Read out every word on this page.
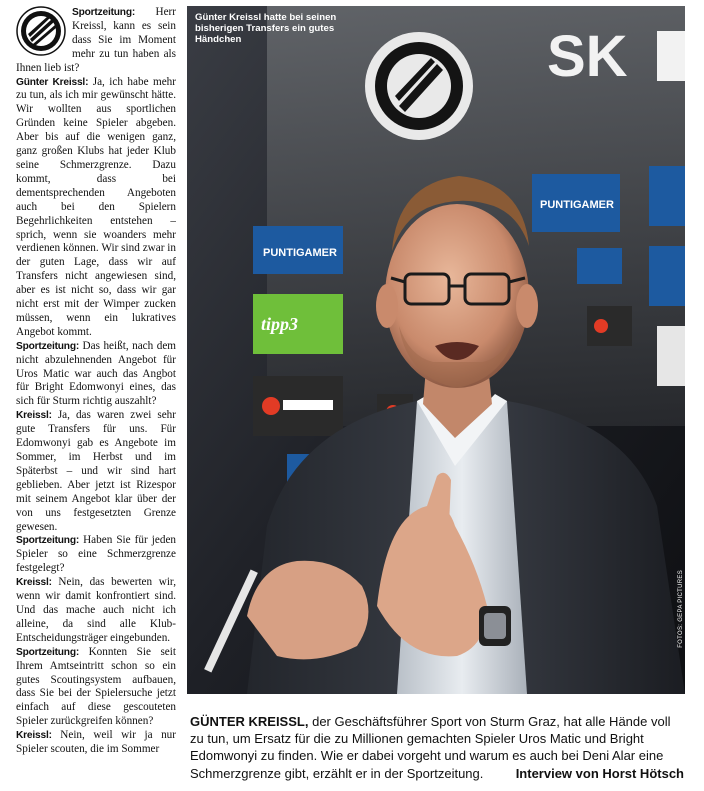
Sportzeitung: Herr Kreissl, kann es sein dass Sie im Moment mehr zu tun haben als Ihnen lieb ist?

Günter Kreissl: Ja, ich habe mehr zu tun, als ich mir gewünscht hätte. Wir wollten aus sportlichen Gründen keine Spieler abgeben. Aber bis auf die wenigen ganz, ganz großen Klubs hat jeder Klub seine Schmerzgrenze. Dazu kommt, dass bei dementsprechenden Angeboten auch bei den Spielern Begehrlichkeiten entstehen – sprich, wenn sie woanders mehr verdienen können. Wir sind zwar in der guten Lage, dass wir auf Transfers nicht angewiesen sind, aber es ist nicht so, dass wir gar nicht erst mit der Wimper zucken müssen, wenn ein lukratives Angebot kommt.

Sportzeitung: Das heißt, nach dem nicht abzulehnenden Angebot für Uros Matic war auch das Angbot für Bright Edomwonyi eines, das sich für Sturm richtig auszahlt?

Kreissl: Ja, das waren zwei sehr gute Transfers für uns. Für Edomwonyi gab es Angebote im Sommer, im Herbst und im Späterbst – und wir sind hart geblieben. Aber jetzt ist Rizespor mit seinem Angebot klar über der von uns festgesetzten Grenze gewesen.

Sportzeitung: Haben Sie für jeden Spieler so eine Schmerzgrenze festgelegt?

Kreissl: Nein, das bewerten wir, wenn wir damit konfrontiert sind. Und das mache auch nicht ich alleine, da sind alle Klub-Entscheidungsträger eingebunden.

Sportzeitung: Konnten Sie seit Ihrem Amtseintritt schon so ein gutes Scoutingsystem aufbauen, dass Sie bei der Spielersuche jetzt einfach auf diese gescouteten Spieler zurückgreifen können?

Kreissl: Nein, weil wir ja nur Spieler scouten, die im Sommer

SK
PUNTIGAMER
PUNTIGAMER
tipp3
Günter Kreissl hatte bei seinen bisherigen Transfers ein gutes Händchen
FOTOS: GEPA PICTURES
GÜNTER KREISSL, der Geschäftsführer Sport von Sturm Graz, hat alle Hände voll zu tun, um Ersatz für die zu Millionen gemachten Spieler Uros Matic und Bright Edomwonyi zu finden. Wie er dabei vorgeht und warum es auch bei Deni Alar eine Schmerzgrenze gibt, erzählt er in der Sportzeitung. Interview von Horst Hötsch
